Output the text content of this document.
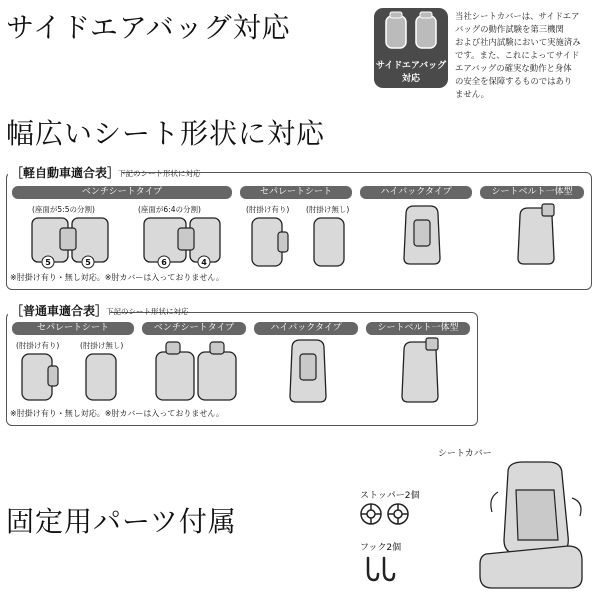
サイドエアバッグ対応
幅広いシート形状に対応
固定用パーツ付属
サイドエアバッグ
対応
当社シートカバーは、サイドエア
バッグの動作試験を第三機関
および社内試験において実施済み
です。また、これによってサイド
エアバッグの確実な動作と身体
の安全を保障するものではあり
ません。
［軽自動車適合表］
下記のシート形状に対応
ベンチシートタイプ	セパレートシート	ハイバックタイプ	シートベルト一体型
(座面が5:5の分割)	(座面が6:4の分割)	(肘掛け有り) (肘掛け無し)
5	5	6	4
※肘掛け有り・無し対応。※肘カバーは入っておりません。
［普通車適合表］
下記のシート形状に対応
セパレートシート	ベンチシートタイプ	ハイバックタイプ	シートベルト一体型
(肘掛け有り)	(肘掛け無し)
※肘掛け有り・無し対応。※肘カバーは入っておりません。
シートカバー
ストッパー2個
フック2個
